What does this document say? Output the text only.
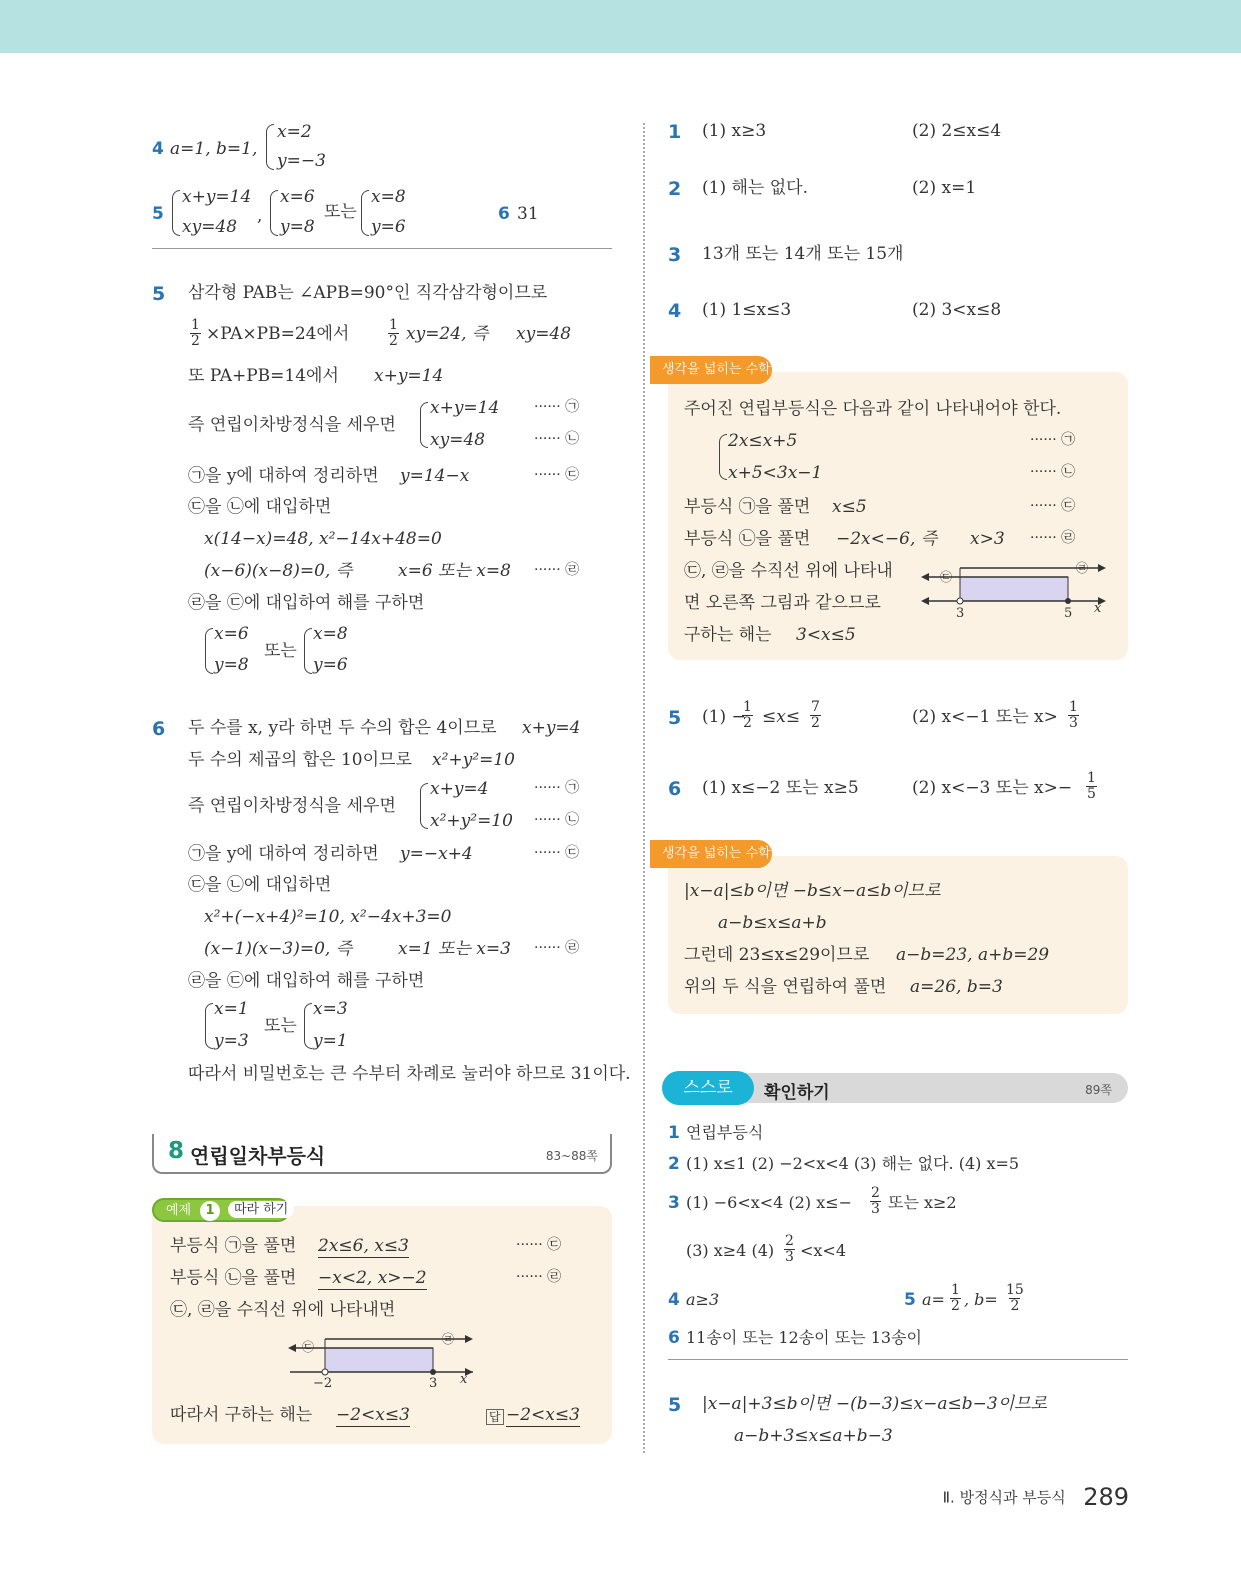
4 a=1, b=1,
x=2
y=−3
5
x+y=14
xy=48
,
x=6
y=8
또는
x=8
y=6
6 31
5 삼각형 PAB는 ∠APB=90°인 직각삼각형이므로
$\frac{1}{2} \times PA\times PB=24$에서	$\frac{1}{2} xy=24$, 즉 xy=48
또 PA+PB=14에서 x+y=14
즉 연립이차방정식을 세우면
x+y=14
xy=48
······ ㉠
······ ㉡
㉠을 y에 대하여 정리하면 y=14−x	······ ㉢
㉢을 ㉡에 대입하면
x(14−x)=48, x²−14x+48=0
(x−6)(x−8)=0, 즉	x=6 또는 x=8 ······ ㉣
㉣을 ㉢에 대입하여 해를 구하면
x=6
y=8
또는
x=8
y=6
6 두 수를 x, y라 하면 두 수의 합은 4이므로 x+y=4
두 수의 제곱의 합은 10이므로 x²+y²=10
즉 연립이차방정식을 세우면
x+y=4
x²+y²=10
······ ㉠
······ ㉡
㉠을 y에 대하여 정리하면 y=−x+4	······ ㉢
㉢을 ㉡에 대입하면
x²+(−x+4)²=10, x²−4x+3=0
(x−1)(x−3)=0, 즉	x=1 또는 x=3 ······ ㉣
㉣을 ㉢에 대입하여 해를 구하면
x=1
y=3
또는
x=3
y=1
따라서 비밀번호는 큰 수부터 차례로 눌러야 하므로 31이다.
8 연립일차부등식	83~88쪽
예제	1	따라 하기
부등식 ㉠을 풀면 2x≤6, x≤3	······ ㉢
부등식 ㉡을 풀면 −x<2, x>−2	······ ㉣
㉢, ㉣을 수직선 위에 나타내면
㉢
㉣
−2	3 x
따라서 구하는 해는 −2<x≤3	답 −2<x≤3
1 (1) x≥3	(2) 2≤x≤4
2 (1) 해는 없다.	(2) x=1
3 13개 또는 14개 또는 15개
4 (1) 1≤x≤3	(2) 3<x≤8
생각을 넓히는 수학
주어진 연립부등식은 다음과 같이 나타내어야 한다.
2x≤x+5
x+5<3x−1
······ ㉠
······ ㉡
부등식 ㉠을 풀면 x≤5	······ ㉢
부등식 ㉡을 풀면 −2x<−6, 즉 x>3 ······ ㉣
㉢, ㉣을 수직선 위에 나타내
면 오른쪽 그림과 같으므로
구하는 해는 3<x≤5
㉢
㉣
3	5 x
5 (1) −
$\frac{1}{2} \le x\le \frac{7}{2}$	(2) x<−1 또는 $x> \frac{1}{3}$
6 (1) x≤−2 또는 x≥5	(2) x<−3 또는 $x>- \frac{1}{5}$
생각을 넓히는 수학
|x−a|≤b이면 −b≤x−a≤b이므로
a−b≤x≤a+b
그런데 23≤x≤29이므로 a−b=23, a+b=29
위의 두 식을 연립하여 풀면 a=26, b=3
스스로	확인하기	89쪽
1 연립부등식
2 (1) x≤1 (2) −2<x<4 (3) 해는 없다. (4) x=5
3 (1) −6<x<4 (2) $x\le- \frac{2}{3}$ 또는 x≥2
(3) x≥4 $(4) \frac{2}{3} <x<4$
4 a≥3	5 $a= \frac{1}{2}$ , $b= \frac{15}{2}$
6 11송이 또는 12송이 또는 13송이
5 |x−a|+3≤b이면 −(b−3)≤x−a≤b−3이므로
a−b+3≤x≤a+b−3
Ⅱ. 방정식과 부등식 289
